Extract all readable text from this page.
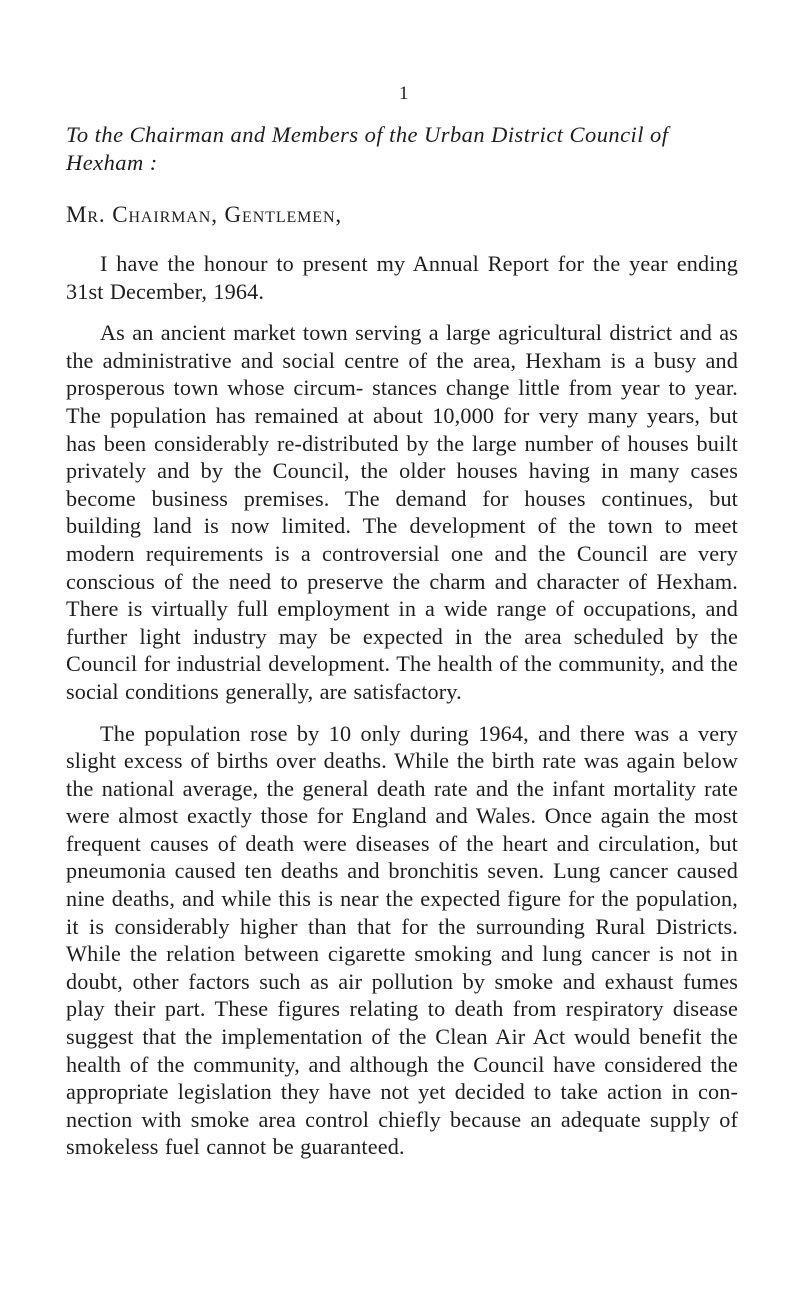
1
To the Chairman and Members of the Urban District Council of Hexham :
Mr. Chairman, Gentlemen,

I have the honour to present my Annual Report for the year ending 31st December, 1964.

As an ancient market town serving a large agricultural district and as the administrative and social centre of the area, Hexham is a busy and prosperous town whose circum- stances change little from year to year. The population has remained at about 10,000 for very many years, but has been considerably re-distributed by the large number of houses built privately and by the Council, the older houses having in many cases become business premises. The demand for houses continues, but building land is now limited. The development of the town to meet modern requirements is a controversial one and the Council are very conscious of the need to preserve the charm and character of Hexham. There is virtually full employment in a wide range of occupations, and further light industry may be expected in the area scheduled by the Council for industrial development. The health of the community, and the social conditions generally, are satisfactory.

The population rose by 10 only during 1964, and there was a very slight excess of births over deaths. While the birth rate was again below the national average, the general death rate and the infant mortality rate were almost exactly those for England and Wales. Once again the most frequent causes of death were diseases of the heart and circulation, but pneumonia caused ten deaths and bronchitis seven. Lung cancer caused nine deaths, and while this is near the expected figure for the population, it is considerably higher than that for the surrounding Rural Districts. While the relation between cigarette smoking and lung cancer is not in doubt, other factors such as air pollution by smoke and exhaust fumes play their part. These figures relating to death from respiratory disease suggest that the implementation of the Clean Air Act would benefit the health of the community, and although the Council have considered the appropriate legislation they have not yet decided to take action in con- nection with smoke area control chiefly because an adequate supply of smokeless fuel cannot be guaranteed.
